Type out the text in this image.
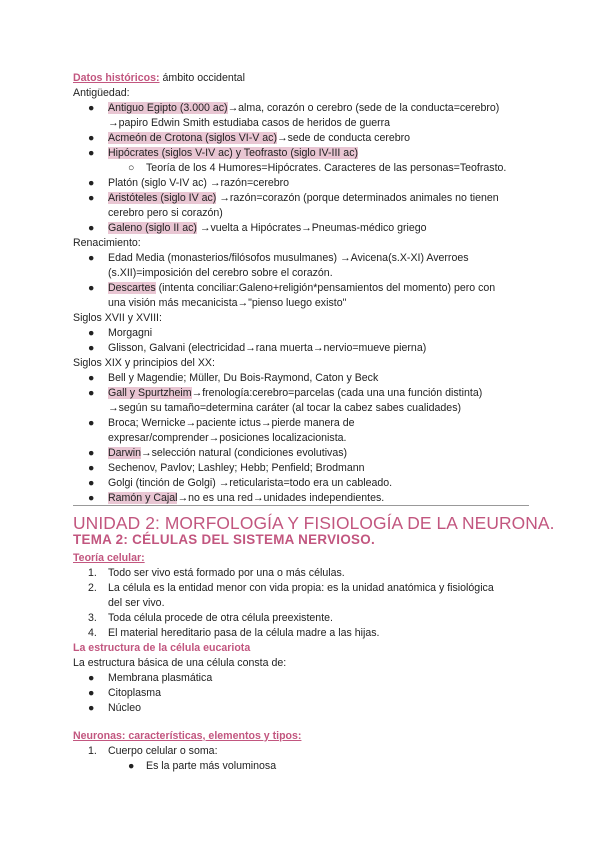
Datos históricos: ámbito occidental
Antigüedad:
● Antiguo Egipto (3.000 ac)→alma, corazón o cerebro (sede de la conducta=cerebro)
→papiro Edwin Smith estudiaba casos de heridos de guerra
● Acmeón de Crotona (siglos VI-V ac)→sede de conducta cerebro
● Hipócrates (siglos V-IV ac) y Teofrasto (siglo IV-III ac)
○ Teoría de los 4 Humores=Hipócrates. Caracteres de las personas=Teofrasto.
● Platón (siglo V-IV ac) →razón=cerebro
● Aristóteles (siglo IV ac) →razón=corazón (porque determinados animales no tienen
cerebro pero si corazón)
● Galeno (siglo II ac) →vuelta a Hipócrates→Pneumas-médico griego
Renacimiento:
● Edad Media (monasterios/filósofos musulmanes) →Avicena(s.X-XI) Averroes
(s.XII)=imposición del cerebro sobre el corazón.
● Descartes (intenta conciliar:Galeno+religión*pensamientos del momento) pero con
una visión más mecanicista→"pienso luego existo"
Siglos XVII y XVIII:
● Morgagni
● Glisson, Galvani (electricidad→rana muerta→nervio=mueve pierna)
Siglos XIX y principios del XX:
● Bell y Magendie; Müller, Du Bois-Raymond, Caton y Beck
● Gall y Spurtzheim→frenología:cerebro=parcelas (cada una una función distinta)
→según su tamaño=determina caráter (al tocar la cabez sabes cualidades)
● Broca; Wernicke→paciente ictus→pierde manera de
expresar/comprender→posiciones localizacionista.
● Darwin→selección natural (condiciones evolutivas)
● Sechenov, Pavlov; Lashley; Hebb; Penfield; Brodmann
● Golgi (tinción de Golgi) →reticularista=todo era un cableado.
● Ramón y Cajal→no es una red→unidades independientes.
UNIDAD 2: MORFOLOGÍA Y FISIOLOGÍA DE LA NEURONA.
TEMA 2: CÉLULAS DEL SISTEMA NERVIOSO.
Teoría celular:
1. Todo ser vivo está formado por una o más células.
2. La célula es la entidad menor con vida propia: es la unidad anatómica y fisiológica
del ser vivo.
3. Toda célula procede de otra célula preexistente.
4. El material hereditario pasa de la célula madre a las hijas.
La estructura de la célula eucariota
La estructura básica de una célula consta de:
● Membrana plasmática
● Citoplasma
● Núcleo
Neuronas: características, elementos y tipos:
1. Cuerpo celular o soma:
● Es la parte más voluminosa
